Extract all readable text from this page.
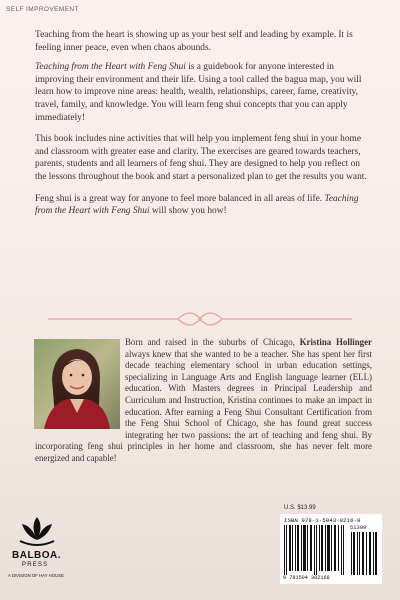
SELF IMPROVEMENT

Teaching from the heart is showing up as your best self and leading by example. It is feeling inner peace, even when chaos abounds.

Teaching from the Heart with Feng Shui is a guidebook for anyone interested in improving their environment and their life. Using a tool called the bagua map, you will learn how to improve nine areas: health, wealth, relationships, career, fame, creativity, travel, family, and knowledge. You will learn feng shui concepts that you can apply immediately!

This book includes nine activities that will help you implement feng shui in your home and classroom with greater ease and clarity. The exercises are geared towards teachers, parents, students and all learners of feng shui. They are designed to help you reflect on the lessons throughout the book and start a personalized plan to get the results you want.

Feng shui is a great way for anyone to feel more balanced in all areas of life. Teaching from the Heart with Feng Shui will show you how!

Born and raised in the suburbs of Chicago, Kristina Hollinger always knew that she wanted to be a teacher. She has spent her first decade teaching elementary school in urban education settings, specializing in Language Arts and English language learner (ELL) education. With Masters degrees in Principal Leadership and Curriculum and Instruction, Kristina continues to make an impact in education. After earning a Feng Shui Consultant Certification from the Feng Shui School of Chicago, she has found great success integrating her two passions: the art of teaching and feng shui. By incorporating feng shui principles in her home and classroom, she has never felt more energized and capable!
BALBOA.
PRESS
A DIVISION OF HAY HOUSE
U.S. $13.99
ISBN 978-1-5043-8216-8
51399
9 781504 382168
